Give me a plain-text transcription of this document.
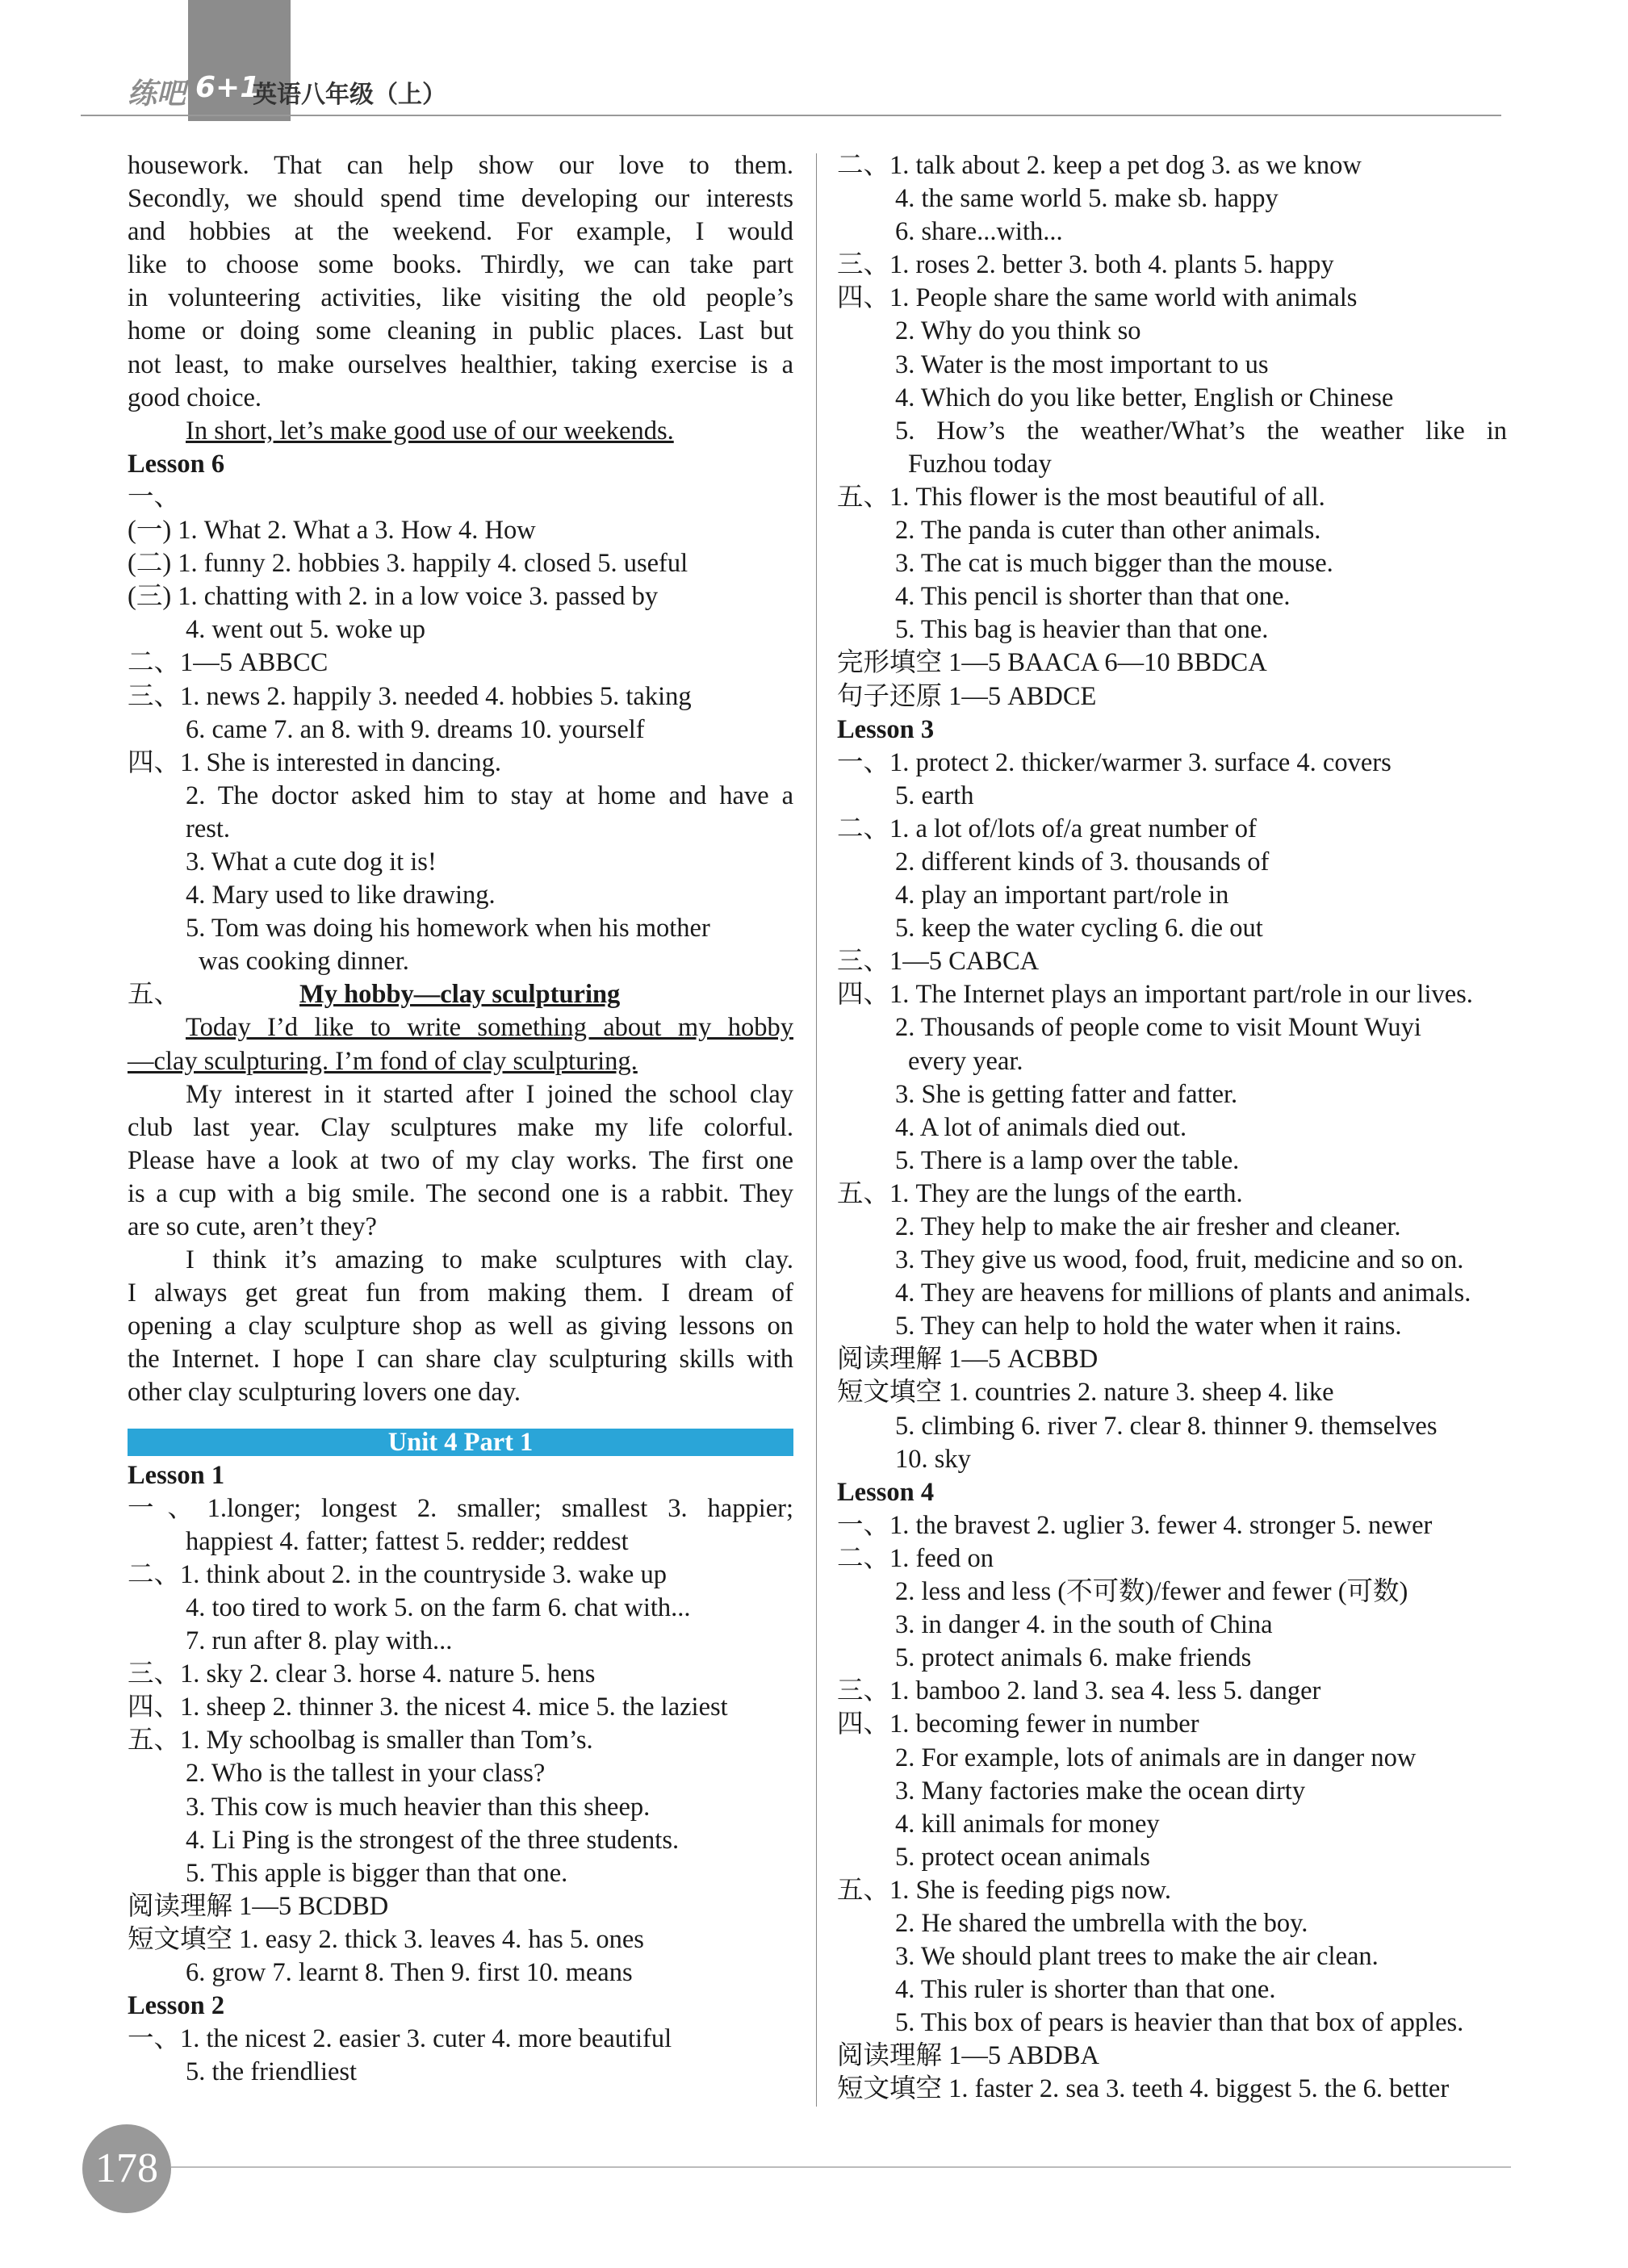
练吧 6+1
英语八年级（上）
housework. That can help show our love to them.
Secondly, we should spend time developing our interests
and hobbies at the weekend. For example, I would
like to choose some books. Thirdly, we can take part
in volunteering activities, like visiting the old people’s
home or doing some cleaning in public places. Last but
not least, to make ourselves healthier, taking exercise is a
good choice.
In short, let’s make good use of our weekends.
Lesson 6
一、
(一) 1. What 2. What a 3. How 4. How
(二) 1. funny 2. hobbies 3. happily 4. closed 5. useful
(三) 1. chatting with 2. in a low voice 3. passed by
4. went out 5. woke up
二、1—5 ABBCC
三、1. news 2. happily 3. needed 4. hobbies 5. taking
6. came 7. an 8. with 9. dreams 10. yourself
四、1. She is interested in dancing.
2. The doctor asked him to stay at home and have a
rest.
3. What a cute dog it is!
4. Mary used to like drawing.
5. Tom was doing his homework when his mother
was cooking dinner.
五、	My hobby—clay sculpturing
Today I’d like to write something about my hobby
—clay sculpturing. I’m fond of clay sculpturing.
My interest in it started after I joined the school clay
club last year. Clay sculptures make my life colorful.
Please have a look at two of my clay works. The first one
is a cup with a big smile. The second one is a rabbit. They
are so cute, aren’t they?
I think it’s amazing to make sculptures with clay.
I always get great fun from making them. I dream of
opening a clay sculpture shop as well as giving lessons on
the Internet. I hope I can share clay sculpturing skills with
other clay sculpturing lovers one day.
Unit 4 Part 1
Lesson 1
一、1.longer; longest 2. smaller; smallest 3. happier;
happiest 4. fatter; fattest 5. redder; reddest
二、1. think about 2. in the countryside 3. wake up
4. too tired to work 5. on the farm 6. chat with...
7. run after 8. play with...
三、1. sky 2. clear 3. horse 4. nature 5. hens
四、1. sheep 2. thinner 3. the nicest 4. mice 5. the laziest
五、1. My schoolbag is smaller than Tom’s.
2. Who is the tallest in your class?
3. This cow is much heavier than this sheep.
4. Li Ping is the strongest of the three students.
5. This apple is bigger than that one.
阅读理解 1—5 BCDBD
短文填空 1. easy 2. thick 3. leaves 4. has 5. ones
6. grow 7. learnt 8. Then 9. first 10. means
Lesson 2
一、1. the nicest 2. easier 3. cuter 4. more beautiful
5. the friendliest
二、1. talk about 2. keep a pet dog 3. as we know
4. the same world 5. make sb. happy
6. share...with...
三、1. roses 2. better 3. both 4. plants 5. happy
四、1. People share the same world with animals
2. Why do you think so
3. Water is the most important to us
4. Which do you like better, English or Chinese
5. How’s the weather/What’s the weather like in
Fuzhou today
五、1. This flower is the most beautiful of all.
2. The panda is cuter than other animals.
3. The cat is much bigger than the mouse.
4. This pencil is shorter than that one.
5. This bag is heavier than that one.
完形填空 1—5 BAACA 6—10 BBDCA
句子还原 1—5 ABDCE
Lesson 3
一、1. protect 2. thicker/warmer 3. surface 4. covers
5. earth
二、1. a lot of/lots of/a great number of
2. different kinds of 3. thousands of
4. play an important part/role in
5. keep the water cycling 6. die out
三、1—5 CABCA
四、1. The Internet plays an important part/role in our lives.
2. Thousands of people come to visit Mount Wuyi
every year.
3. She is getting fatter and fatter.
4. A lot of animals died out.
5. There is a lamp over the table.
五、1. They are the lungs of the earth.
2. They help to make the air fresher and cleaner.
3. They give us wood, food, fruit, medicine and so on.
4. They are heavens for millions of plants and animals.
5. They can help to hold the water when it rains.
阅读理解 1—5 ACBBD
短文填空 1. countries 2. nature 3. sheep 4. like
5. climbing 6. river 7. clear 8. thinner 9. themselves
10. sky
Lesson 4
一、1. the bravest 2. uglier 3. fewer 4. stronger 5. newer
二、1. feed on
2. less and less (不可数)/fewer and fewer (可数)
3. in danger 4. in the south of China
5. protect animals 6. make friends
三、1. bamboo 2. land 3. sea 4. less 5. danger
四、1. becoming fewer in number
2. For example, lots of animals are in danger now
3. Many factories make the ocean dirty
4. kill animals for money
5. protect ocean animals
五、1. She is feeding pigs now.
2. He shared the umbrella with the boy.
3. We should plant trees to make the air clean.
4. This ruler is shorter than that one.
5. This box of pears is heavier than that box of apples.
阅读理解 1—5 ABDBA
短文填空 1. faster 2. sea 3. teeth 4. biggest 5. the 6. better
178
